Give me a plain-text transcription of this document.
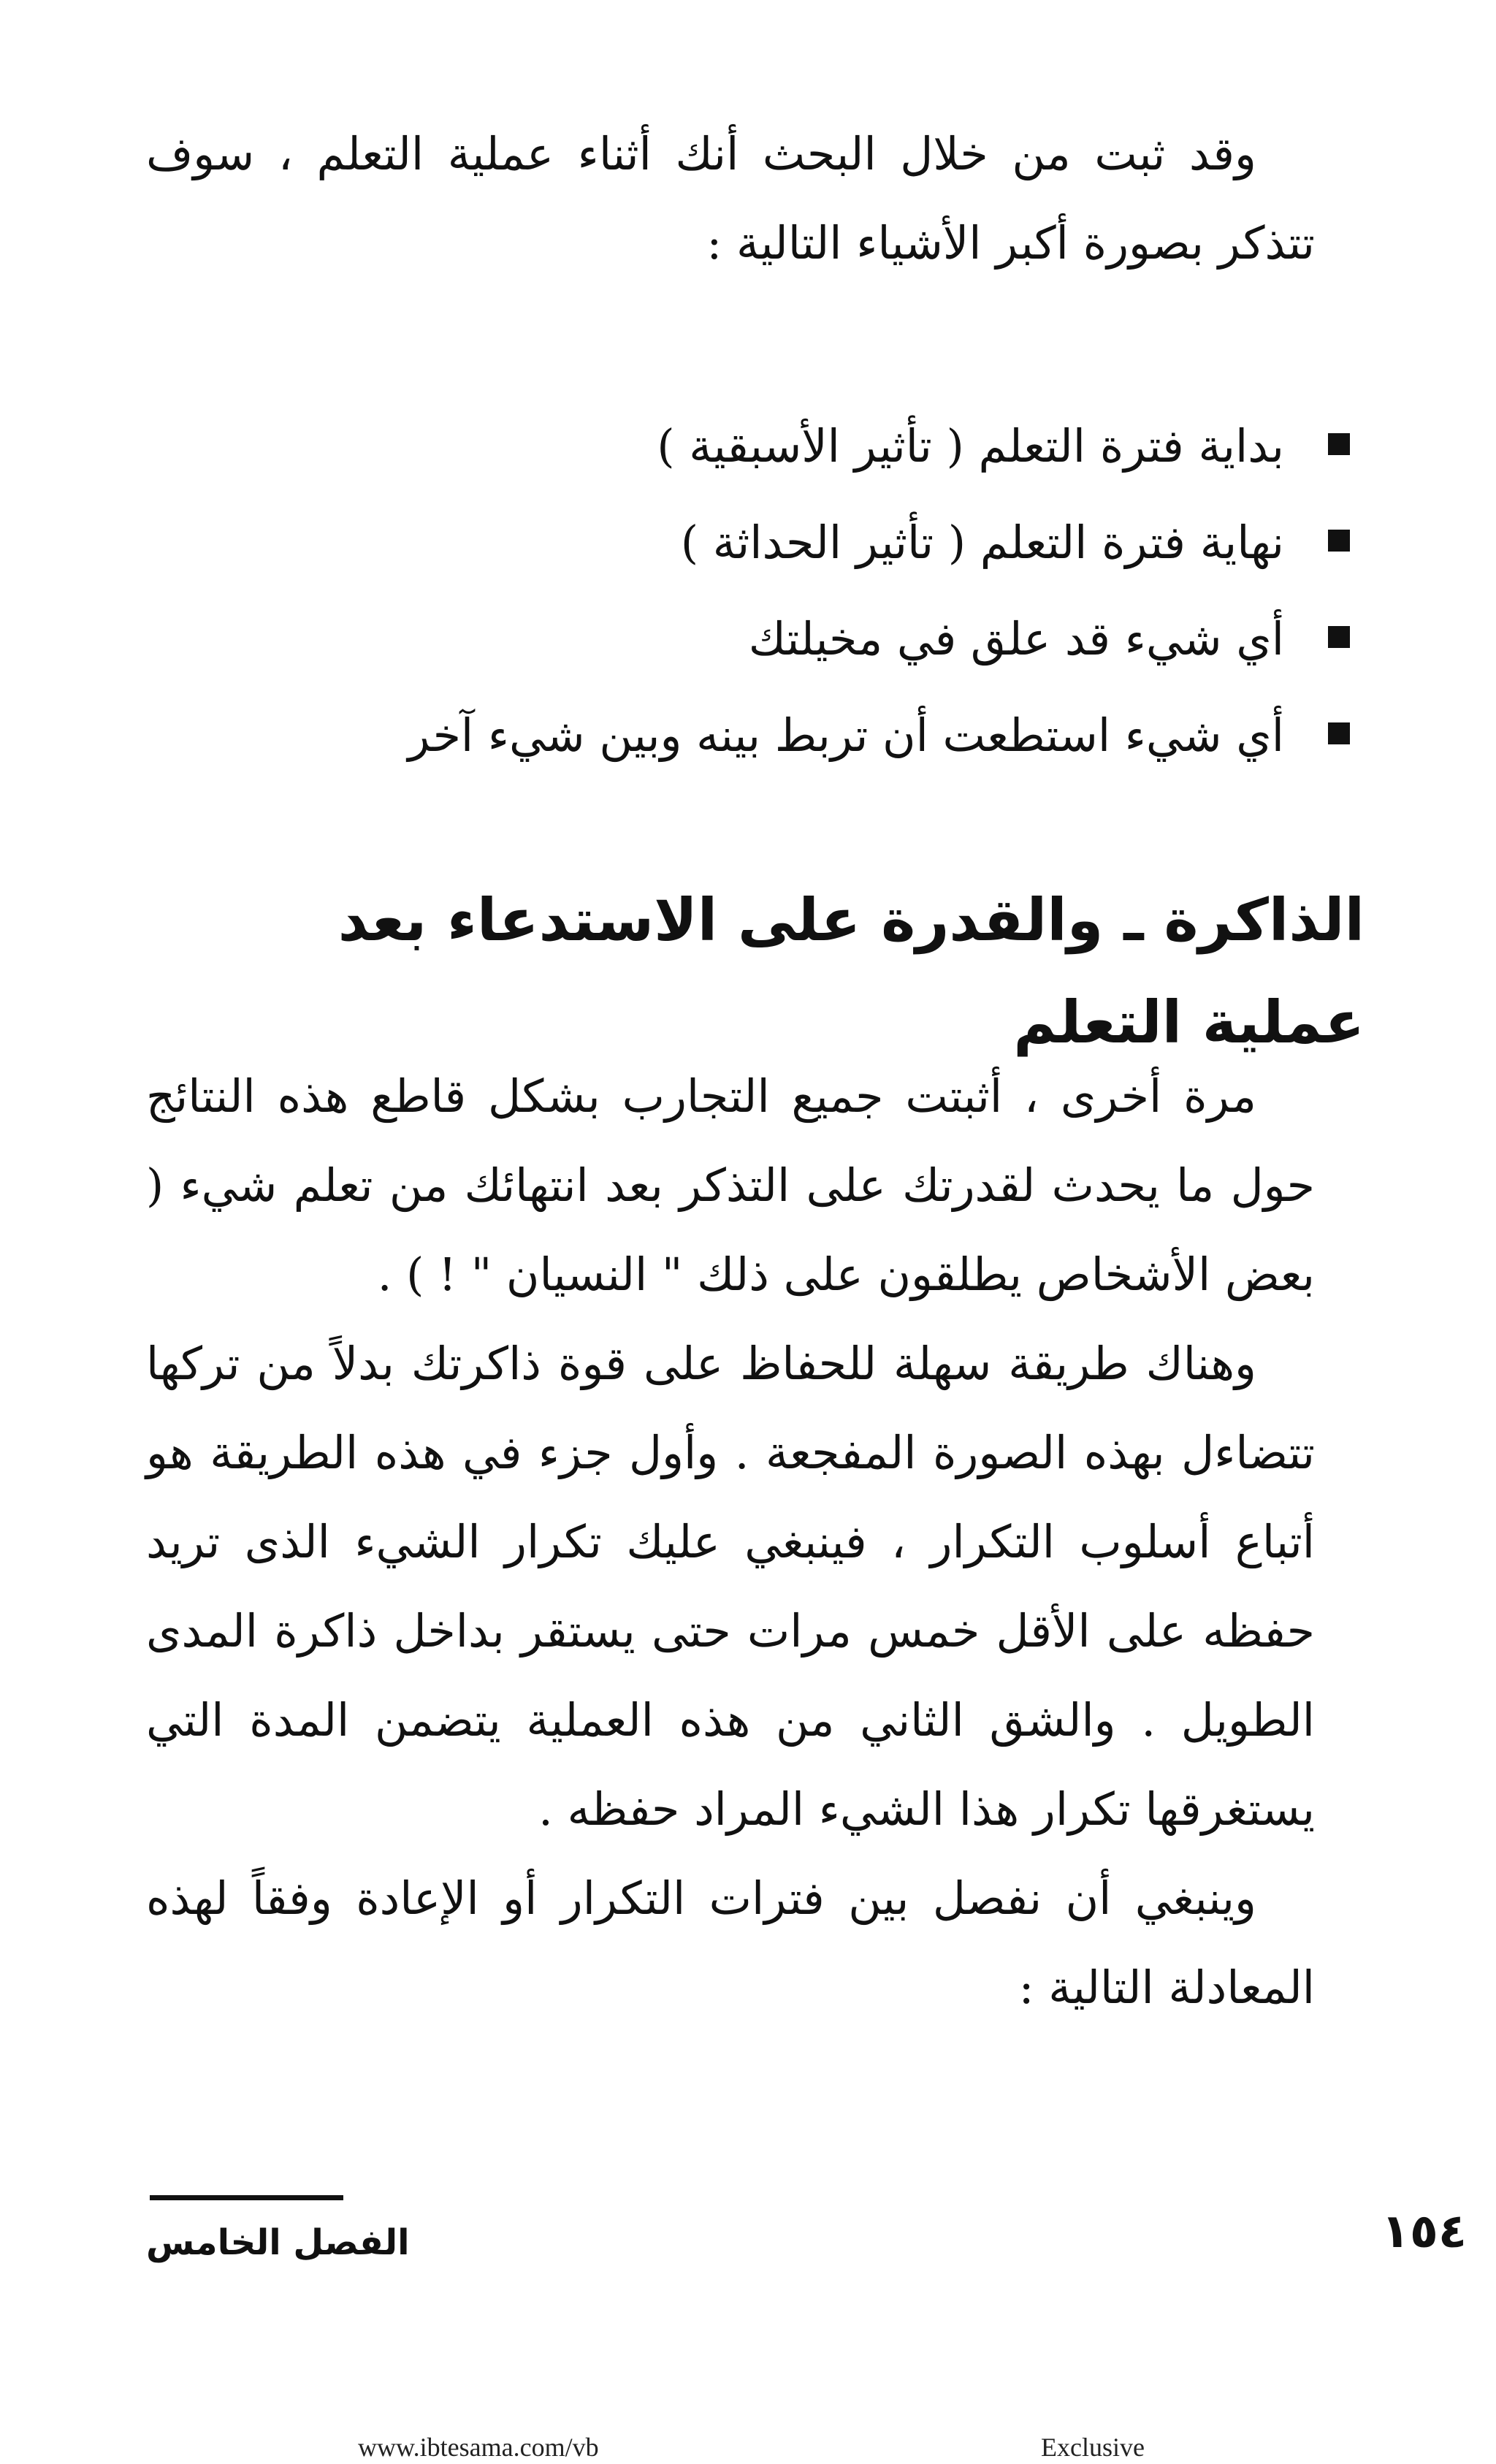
وقد ثبت من خلال البحث أنك أثناء عملية التعلم ، سوف تتذكر بصورة أكبر الأشياء التالية :

بداية فترة التعلم ( تأثير الأسبقية )
نهاية فترة التعلم ( تأثير الحداثة )
أي شيء قد علق في مخيلتك
أي شيء استطعت أن تربط بينه وبين شيء آخر
الذاكرة ـ والقدرة على الاستدعاء بعد عملية التعلم

مرة أخرى ، أثبتت جميع التجارب بشكل قاطع هذه النتائج حول ما يحدث لقدرتك على التذكر بعد انتهائك من تعلم شيء ( بعض الأشخاص يطلقون على ذلك " النسيان " ! ) .

وهناك طريقة سهلة للحفاظ على قوة ذاكرتك بدلاً من تركها تتضاءل بهذه الصورة المفجعة . وأول جزء في هذه الطريقة هو أتباع أسلوب التكرار ، فينبغي عليك تكرار الشيء الذى تريد حفظه على الأقل خمس مرات حتى يستقر بداخل ذاكرة المدى الطويل . والشق الثاني من هذه العملية يتضمن المدة التي يستغرقها تكرار هذا الشيء المراد حفظه .

وينبغي أن نفصل بين فترات التكرار أو الإعادة وفقاً لهذه المعادلة التالية :

الفصل الخامس	١٥٤
www.ibtesama.com/vb	Exclusive
